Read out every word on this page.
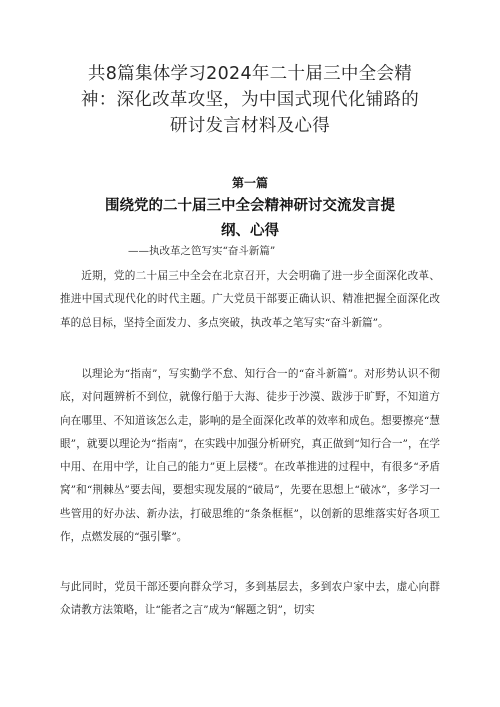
共8篇集体学习2024年二十届三中全会精
神：深化改革攻坚，为中国式现代化铺路的
研讨发言材料及心得
第一篇
围绕党的二十届三中全会精神研讨交流发言提
纲、心得
——执改革之笆写实“奋斗新篇”

近期，党的二十届三中全会在北京召开，大会明确了进一步全面深化改革、推进中国式现代化的时代主题。广大党员干部要正确认识、精准把握全面深化改革的总目标，坚持全面发力、多点突破，执改革之笔写实“奋斗新篇”。

以理论为“指南”，写实勤学不怠、知行合一的“奋斗新篇”。对形势认识不彻底，对问题辨析不到位，就像行船于大海、徒步于沙漠、跋涉于旷野，不知道方向在哪里、不知道该怎么走，影响的是全面深化改革的效率和成色。想要擦亮“慧眼”，就要以理论为“指南”，在实践中加强分析研究，真正做到“知行合一”，在学中用、在用中学，让自己的能力”更上层楼”。在改革推进的过程中，有很多“矛盾窝”和“荆棘丛”要去闯，要想实现发展的“破局”，先要在思想上“破冰”，多学习一些管用的好办法、新办法，打破思维的“条条框框”，以创新的思维落实好各项工作，点燃发展的“强引擎”。

与此同时，党员干部还要向群众学习，多到基层去，多到农户家中去，虚心向群众请教方法策略，让“能者之言”成为“解题之钥”，切实
